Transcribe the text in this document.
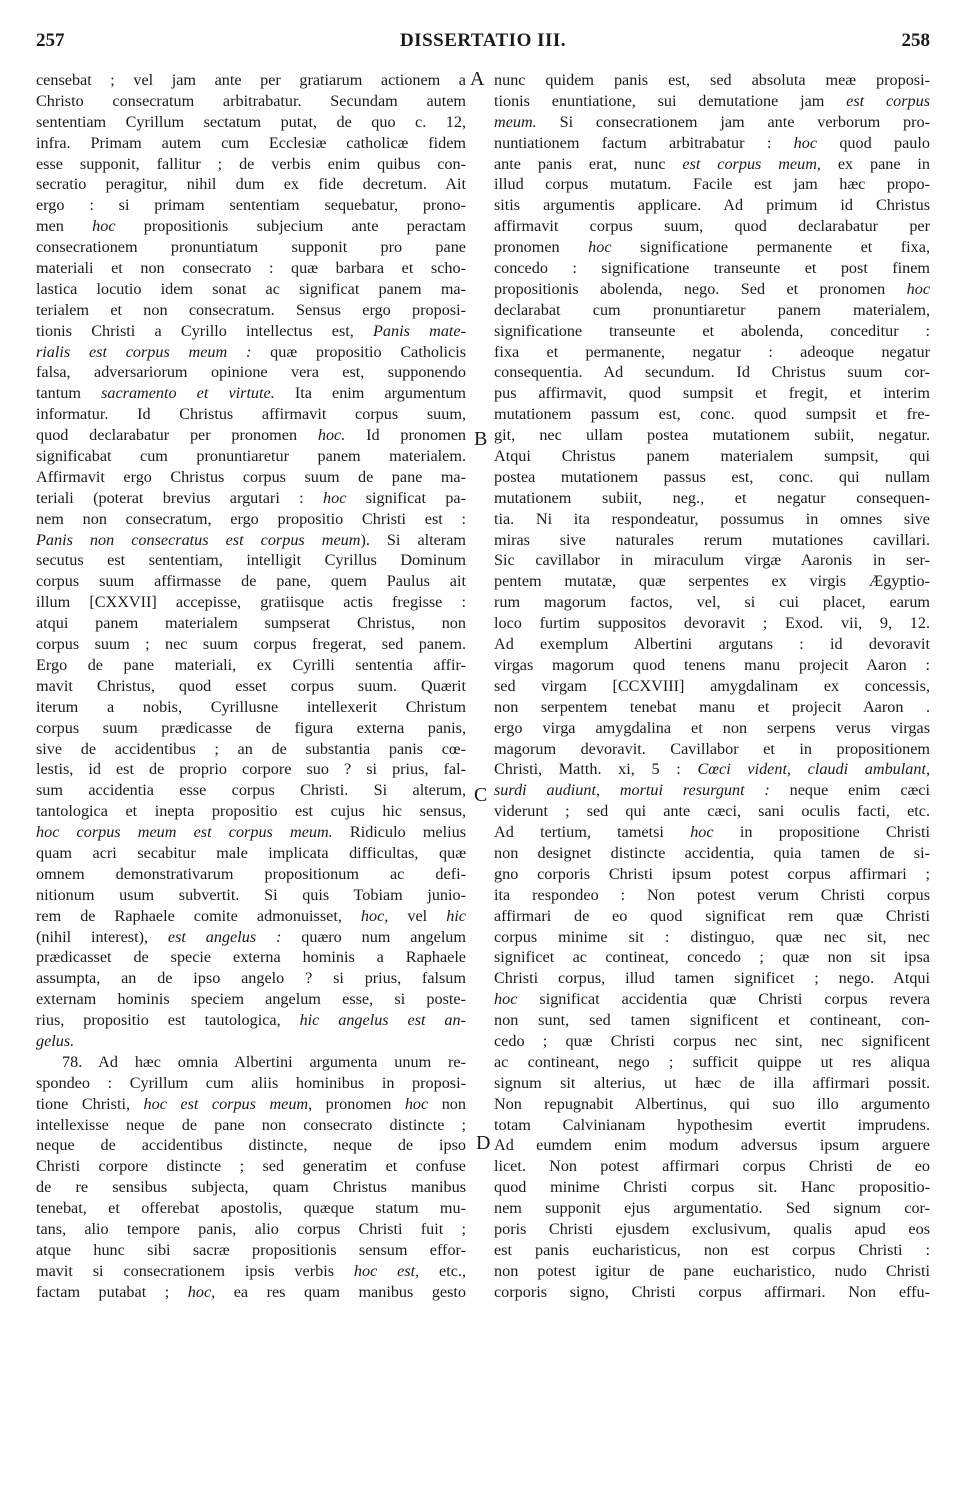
257	DISSERTATIO III.	258
censebat ; vel jam ante per gratiarum actionem a
Christo consecratum arbitrabatur. Secundam autem
sententiam Cyrillum sectatum putat, de quo c. 12,
infra. Primam autem cum Ecclesiæ catholicæ fidem
esse supponit, fallitur ; de verbis enim quibus con-
secratio peragitur, nihil dum ex fide decretum. Ait
ergo : si primam sententiam sequebatur, prono-
men hoc propositionis subjecium ante peractam
consecrationem pronuntiatum supponit pro pane
materiali et non consecrato : quæ barbara et scho-
lastica locutio idem sonat ac significat panem ma-
terialem et non consecratum. Sensus ergo proposi-
tionis Christi a Cyrillo intellectus est, Panis mate-
rialis est corpus meum : quæ propositio Catholicis
falsa, adversariorum opinione vera est, supponendo
tantum sacramento et virtute. Ita enim argumentum
informatur. Id Christus affirmavit corpus suum,
quod declarabatur per pronomen hoc. Id pronomen
significabat cum pronuntiaretur panem materialem.
Affirmavit ergo Christus corpus suum de pane ma-
teriali (poterat brevius argutari : hoc significat pa-
nem non consecratum, ergo propositio Christi est :
Panis non consecratus est corpus meum). Si alteram
secutus est sententiam, intelligit Cyrillus Dominum
corpus suum affirmasse de pane, quem Paulus ait
illum [CXXVII] accepisse, gratiisque actis fregisse :
atqui panem materialem sumpserat Christus, non
corpus suum ; nec suum corpus fregerat, sed panem.
Ergo de pane materiali, ex Cyrilli sententia affir-
mavit Christus, quod esset corpus suum. Quærit
iterum a nobis, Cyrillusne intellexerit Christum
corpus suum prædicasse de figura externa panis,
sive de accidentibus ; an de substantia panis cœ-
lestis, id est de proprio corpore suo ? si prius, fal-
sum accidentia esse corpus Christi. Si alterum,
tantologica et inepta propositio est cujus hic sensus,
hoc corpus meum est corpus meum. Ridiculo melius
quam acri secabitur male implicata difficultas, quæ
omnem demonstrativarum propositionum ac defi-
nitionum usum subvertit. Si quis Tobiam junio-
rem de Raphaele comite admonuisset, hoc, vel hic
(nihil interest), est angelus : quæro num angelum
prædicasset de specie externa hominis a Raphaele
assumpta, an de ipso angelo ? si prius, falsum
externam hominis speciem angelum esse, si poste-
rius, propositio est tautologica, hic angelus est an-
gelus.
78. Ad hæc omnia Albertini argumenta unum re-
spondeo : Cyrillum cum aliis hominibus in proposi-
tione Christi, hoc est corpus meum, pronomen hoc non
intellexisse neque de pane non consecrato distincte ;
neque de accidentibus distincte, neque de ipso
Christi corpore distincte ; sed generatim et confuse
de re sensibus subjecta, quam Christus manibus
tenebat, et offerebat apostolis, quæque statum mu-
tans, alio tempore panis, alio corpus Christi fuit ;
atque hunc sibi sacræ propositionis sensum effor-
mavit si consecrationem ipsis verbis hoc est, etc.,
factam putabat ; hoc, ea res quam manibus gesto
nunc quidem panis est, sed absoluta meæ proposi-
tionis enuntiatione, sui demutatione jam est corpus
meum. Si consecrationem jam ante verborum pro-
nuntiationem factum arbitrabatur : hoc quod paulo
ante panis erat, nunc est corpus meum, ex pane in
illud corpus mutatum. Facile est jam hæc propo-
sitis argumentis applicare. Ad primum id Christus
affirmavit corpus suum, quod declarabatur per
pronomen hoc significatione permanente et fixa,
concedo : significatione transeunte et post finem
propositionis abolenda, nego. Sed et pronomen hoc
declarabat cum pronuntiaretur panem materialem,
significatione transeunte et abolenda, conceditur :
fixa et permanente, negatur : adeoque negatur
consequentia. Ad secundum. Id Christus suum cor-
pus affirmavit, quod sumpsit et fregit, et interim
mutationem passum est, conc. quod sumpsit et fre-
git, nec ullam postea mutationem subiit, negatur.
Atqui Christus panem materialem sumpsit, qui
postea mutationem passus est, conc. qui nullam
mutationem subiit, neg., et negatur consequen-
tia. Ni ita respondeatur, possumus in omnes sive
miras sive naturales rerum mutationes cavillari.
Sic cavillabor in miraculum virgæ Aaronis in ser-
pentem mutatæ, quæ serpentes ex virgis Ægyptio-
rum magorum factos, vel, si cui placet, earum
loco furtim suppositos devoravit ; Exod. vii, 9, 12.
Ad exemplum Albertini argutans : id devoravit
virgas magorum quod tenens manu projecit Aaron :
sed virgam [CCXVIII] amygdalinam ex concessis,
non serpentem tenebat manu et projecit Aaron .
ergo virga amygdalina et non serpens verus virgas
magorum devoravit. Cavillabor et in propositionem
Christi, Matth. xi, 5 : Cœci vident, claudi ambulant,
surdi audiunt, mortui resurgunt : neque enim cæci
viderunt ; sed qui ante cæci, sani oculis facti, etc.
Ad tertium, tametsi hoc in propositione Christi
non designet distincte accidentia, quia tamen de si-
gno corporis Christi ipsum potest corpus affirmari ;
ita respondeo : Non potest verum Christi corpus
affirmari de eo quod significat rem quæ Christi
corpus minime sit : distinguo, quæ nec sit, nec
significet ac contineat, concedo ; quæ non sit ipsa
Christi corpus, illud tamen significet ; nego. Atqui
hoc significat accidentia quæ Christi corpus revera
non sunt, sed tamen significent et contineant, con-
cedo ; quæ Christi corpus nec sint, nec significent
ac contineant, nego ; sufficit quippe ut res aliqua
signum sit alterius, ut hæc de illa affirmari possit.
Non repugnabit Albertinus, qui suo illo argumento
totam Calvinianam hypothesim evertit imprudens.
Ad eumdem enim modum adversus ipsum arguere
licet. Non potest affirmari corpus Christi de eo
quod minime Christi corpus sit. Hanc propositio-
nem supponit ejus argumentatio. Sed signum cor-
poris Christi ejusdem exclusivum, qualis apud eos
est panis eucharisticus, non est corpus Christi :
non potest igitur de pane eucharistico, nudo Christi
corporis signo, Christi corpus affirmari. Non effu-
A
B
C
D
